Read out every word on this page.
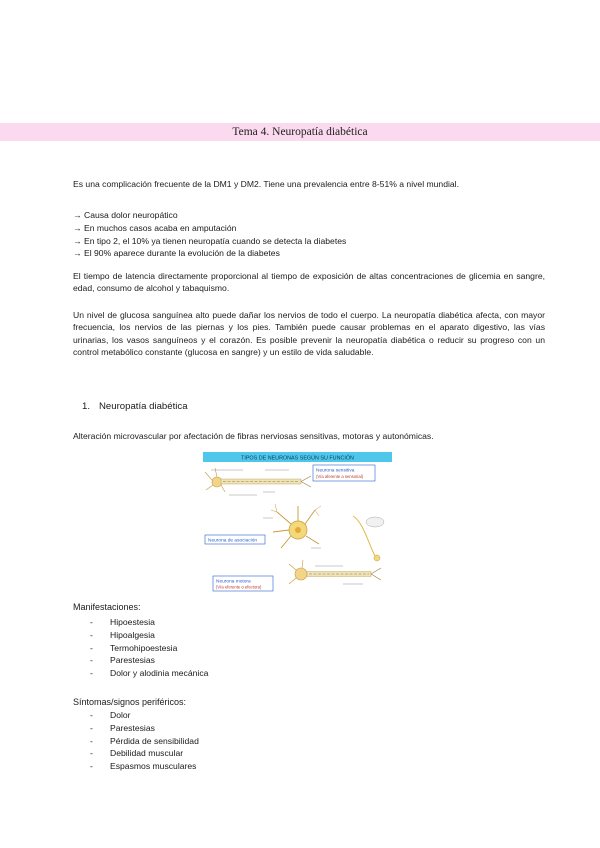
Tema 4. Neuropatía diabética

Es una complicación frecuente de la DM1 y DM2. Tiene una prevalencia entre 8-51% a nivel mundial.

→ Causa dolor neuropático
→ En muchos casos acaba en amputación
→ En tipo 2, el 10% ya tienen neuropatía cuando se detecta la diabetes
→ El 90% aparece durante la evolución de la diabetes

El tiempo de latencia directamente proporcional al tiempo de exposición de altas concentraciones de glicemia en sangre, edad, consumo de alcohol y tabaquismo.

Un nivel de glucosa sanguínea alto puede dañar los nervios de todo el cuerpo. La neuropatía diabética afecta, con mayor frecuencia, los nervios de las piernas y los pies. También puede causar problemas en el aparato digestivo, las vías urinarias, los vasos sanguíneos y el corazón. Es posible prevenir la neuropatía diabética o reducir su progreso con un control metabólico constante (glucosa en sangre) y un estilo de vida saludable.

1. Neuropatía diabética

Alteración microvascular por afectación de fibras nerviosas sensitivas, motoras y autonómicas.

TIPOS DE NEURONAS SEGÚN SU FUNCIÓN
Neurona sensitiva
(Vía aferente a sensorial)
Neurona de asociación
Neurona motora
(Vía eferente o efectora)
Manifestaciones:
- Hipoestesia
- Hipoalgesia
- Termohipoestesia
- Parestesias
- Dolor y alodinia mecánica
Síntomas/signos periféricos:
- Dolor
- Parestesias
- Pérdida de sensibilidad
- Debilidad muscular
- Espasmos musculares
